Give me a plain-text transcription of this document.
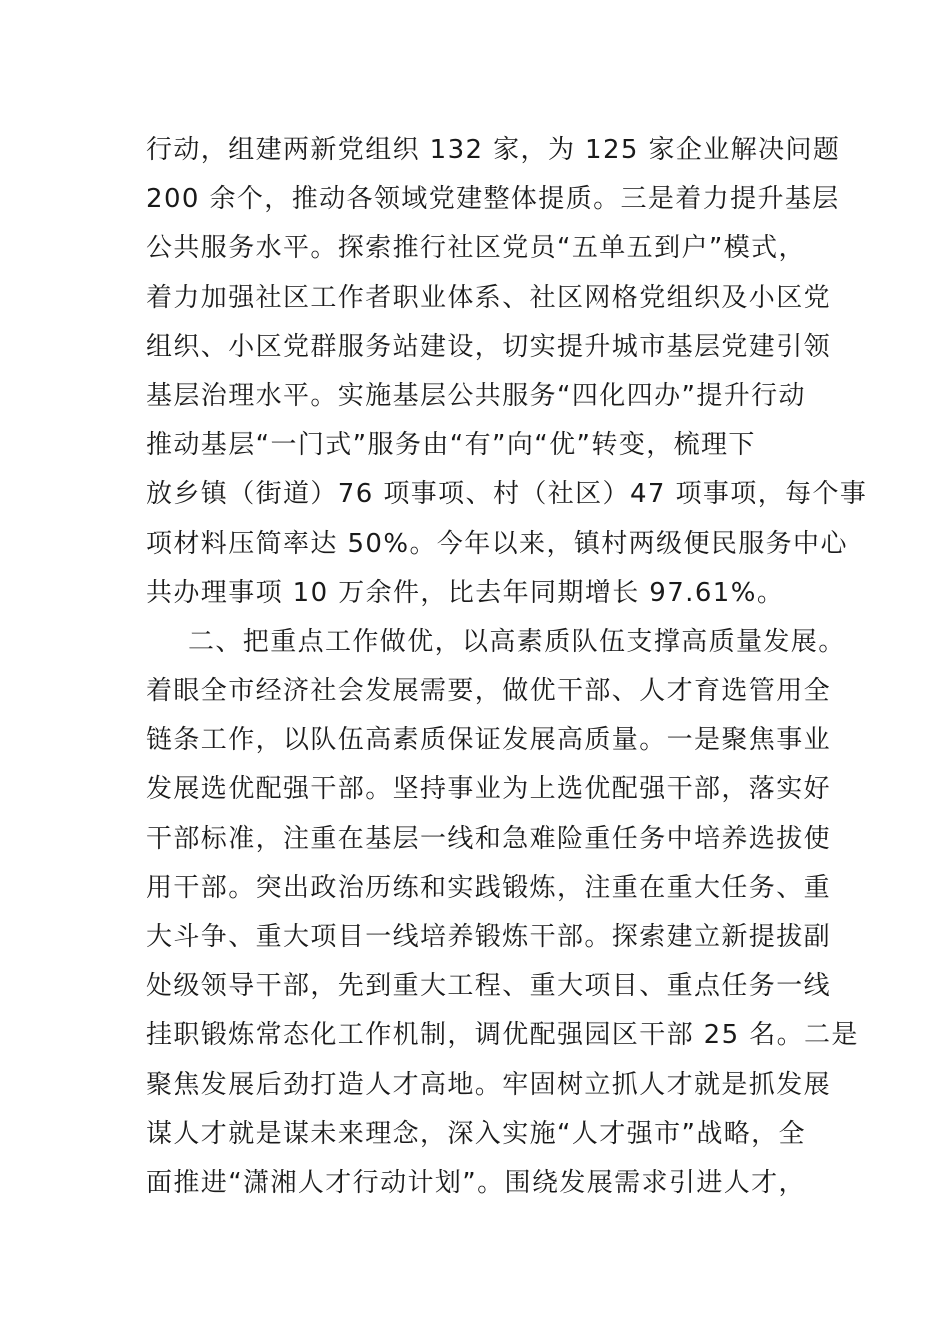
行动，组建两新党组织 132 家，为 125 家企业解决问题
200 余个，推动各领域党建整体提质。三是着力提升基层
公共服务水平。探索推行社区党员“五单五到户”模式，
着力加强社区工作者职业体系、社区网格党组织及小区党
组织、小区党群服务站建设，切实提升城市基层党建引领
基层治理水平。实施基层公共服务“四化四办”提升行动
推动基层“一门式”服务由“有”向“优”转变，梳理下
放乡镇（街道）76 项事项、村（社区）47 项事项，每个事
项材料压简率达 50%。今年以来，镇村两级便民服务中心
共办理事项 10 万余件，比去年同期增长 97.61%。
二、把重点工作做优，以高素质队伍支撑高质量发展。
着眼全市经济社会发展需要，做优干部、人才育选管用全
链条工作，以队伍高素质保证发展高质量。一是聚焦事业
发展选优配强干部。坚持事业为上选优配强干部，落实好
干部标准，注重在基层一线和急难险重任务中培养选拔使
用干部。突出政治历练和实践锻炼，注重在重大任务、重
大斗争、重大项目一线培养锻炼干部。探索建立新提拔副
处级领导干部，先到重大工程、重大项目、重点任务一线
挂职锻炼常态化工作机制，调优配强园区干部 25 名。二是
聚焦发展后劲打造人才高地。牢固树立抓人才就是抓发展
谋人才就是谋未来理念，深入实施“人才强市”战略，全
面推进“潇湘人才行动计划”。围绕发展需求引进人才，
